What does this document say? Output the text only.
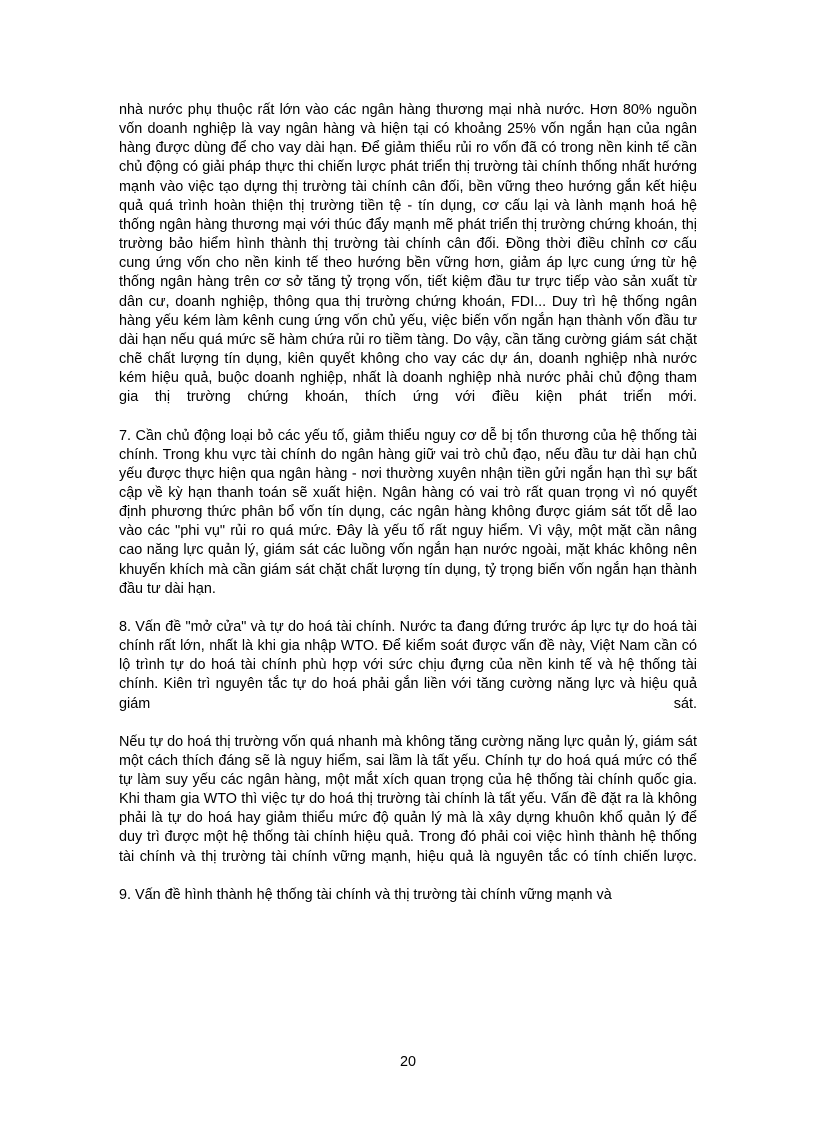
nhà nước phụ thuộc rất lớn vào các ngân hàng thương mại nhà nước. Hơn 80% nguồn vốn doanh nghiệp là vay ngân hàng và hiện tại có khoảng 25% vốn ngắn hạn của ngân hàng được dùng để cho vay dài hạn. Để giảm thiểu rủi ro vốn đã có trong nền kinh tế cần chủ động có giải pháp thực thi chiến lược phát triển thị trường tài chính thống nhất hướng mạnh vào việc tạo dựng thị trường tài chính cân đối, bền vững theo hướng gắn kết hiệu quả quá trình hoàn thiện thị trường tiền tệ - tín dụng, cơ cấu lại và lành mạnh hoá hệ thống ngân hàng thương mại với thúc đẩy mạnh mẽ phát triển thị trường chứng khoán, thị trường bảo hiểm hình thành thị trường tài chính cân đối. Đồng thời điều chỉnh cơ cấu cung ứng vốn cho nền kinh tế theo hướng bền vững hơn, giảm áp lực cung ứng từ hệ thống ngân hàng trên cơ sở tăng tỷ trọng vốn, tiết kiệm đầu tư trực tiếp vào sản xuất từ dân cư, doanh nghiệp, thông qua thị trường chứng khoán, FDI... Duy trì hệ thống ngân hàng yếu kém làm kênh cung ứng vốn chủ yếu, việc biến vốn ngắn hạn thành vốn đầu tư dài hạn nếu quá mức sẽ hàm chứa rủi ro tiềm tàng. Do vậy, cần tăng cường giám sát chặt chẽ chất lượng tín dụng, kiên quyết không cho vay các dự án, doanh nghiệp nhà nước kém hiệu quả, buộc doanh nghiệp, nhất là doanh nghiệp nhà nước phải chủ động tham gia thị trường chứng khoán, thích ứng với điều kiện phát triển mới.

7. Cần chủ động loại bỏ các yếu tố, giảm thiểu nguy cơ dễ bị tổn thương của hệ thống tài chính. Trong khu vực tài chính do ngân hàng giữ vai trò chủ đạo, nếu đầu tư dài hạn chủ yếu được thực hiện qua ngân hàng - nơi thường xuyên nhận tiền gửi ngắn hạn thì sự bất cập về kỳ hạn thanh toán sẽ xuất hiện. Ngân hàng có vai trò rất quan trọng vì nó quyết định phương thức phân bổ vốn tín dụng, các ngân hàng không được giám sát tốt dễ lao vào các "phi vụ" rủi ro quá mức. Đây là yếu tố rất nguy hiểm. Vì vậy, một mặt cần nâng cao năng lực quản lý, giám sát các luồng vốn ngắn hạn nước ngoài, mặt khác không nên khuyến khích mà cần giám sát chặt chất lượng tín dụng, tỷ trọng biến vốn ngắn hạn thành đầu tư dài hạn.

8. Vấn đề "mở cửa" và tự do hoá tài chính. Nước ta đang đứng trước áp lực tự do hoá tài chính rất lớn, nhất là khi gia nhập WTO. Để kiểm soát được vấn đề này, Việt Nam cần có lộ trình tự do hoá tài chính phù hợp với sức chịu đựng của nền kinh tế và hệ thống tài chính. Kiên trì nguyên tắc tự do hoá phải gắn liền với tăng cường năng lực và hiệu quả giám sát.

Nếu tự do hoá thị trường vốn quá nhanh mà không tăng cường năng lực quản lý, giám sát một cách thích đáng sẽ là nguy hiểm, sai lầm là tất yếu. Chính tự do hoá quá mức có thể tự làm suy yếu các ngân hàng, một mắt xích quan trọng của hệ thống tài chính quốc gia. Khi tham gia WTO thì việc tự do hoá thị trường tài chính là tất yếu. Vấn đề đặt ra là không phải là tự do hoá hay giảm thiểu mức độ quản lý mà là xây dựng khuôn khổ quản lý để duy trì được một hệ thống tài chính hiệu quả. Trong đó phải coi việc hình thành hệ thống tài chính và thị trường tài chính vững mạnh, hiệu quả là nguyên tắc có tính chiến lược.

9. Vấn đề hình thành hệ thống tài chính và thị trường tài chính vững mạnh và

20
